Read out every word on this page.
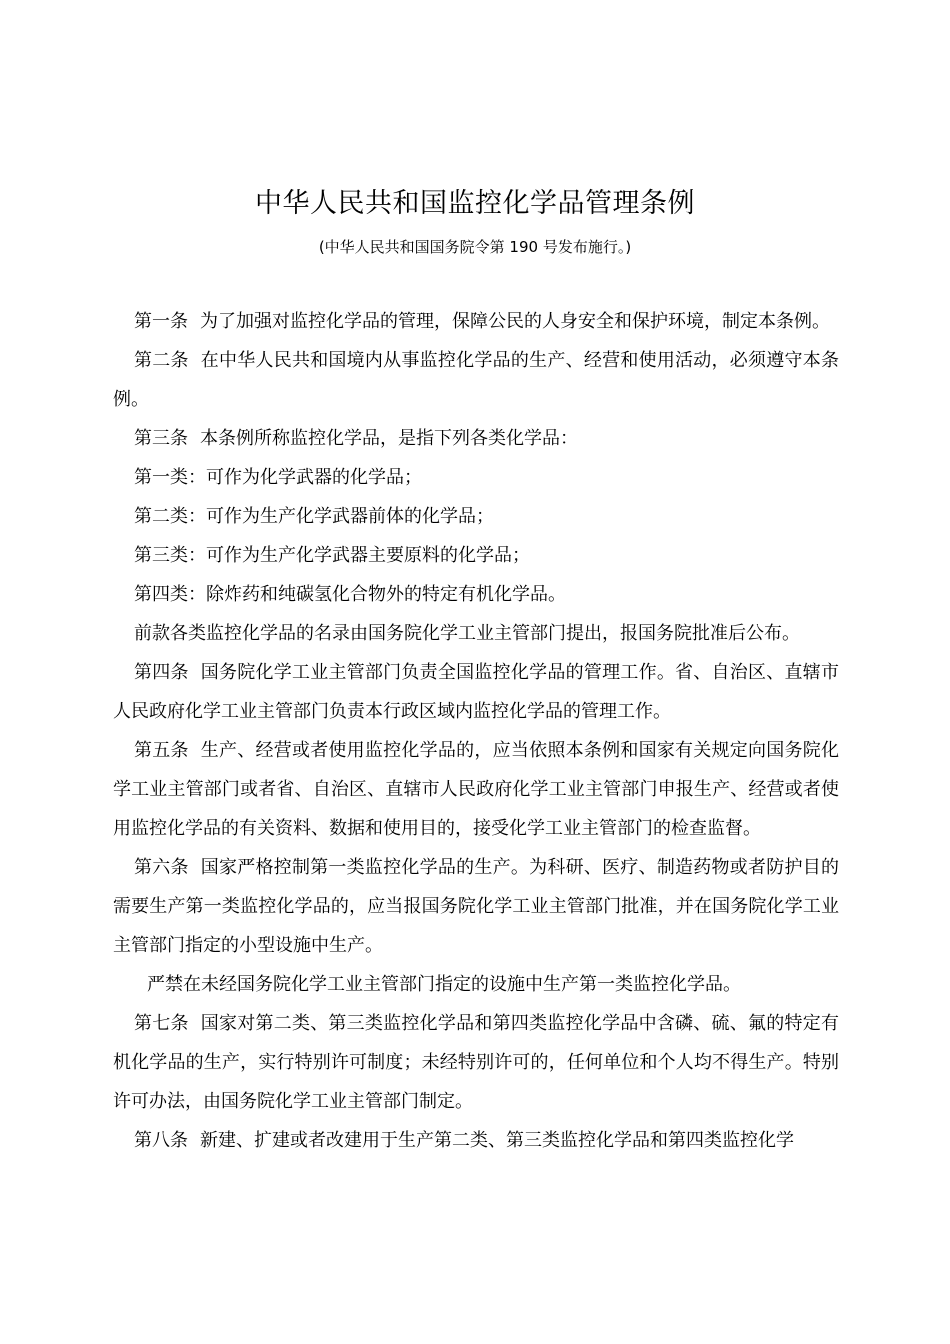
中华人民共和国监控化学品管理条例

(中华人民共和国国务院令第 190 号发布施行。)

第一条 为了加强对监控化学品的管理，保障公民的人身安全和保护环境，制定本条例。

第二条 在中华人民共和国境内从事监控化学品的生产、经营和使用活动，必须遵守本条例。

第三条 本条例所称监控化学品，是指下列各类化学品：

第一类：可作为化学武器的化学品；

第二类：可作为生产化学武器前体的化学品；

第三类：可作为生产化学武器主要原料的化学品；

第四类：除炸药和纯碳氢化合物外的特定有机化学品。

前款各类监控化学品的名录由国务院化学工业主管部门提出，报国务院批准后公布。

第四条 国务院化学工业主管部门负责全国监控化学品的管理工作。省、自治区、直辖市人民政府化学工业主管部门负责本行政区域内监控化学品的管理工作。

第五条 生产、经营或者使用监控化学品的，应当依照本条例和国家有关规定向国务院化学工业主管部门或者省、自治区、直辖市人民政府化学工业主管部门申报生产、经营或者使用监控化学品的有关资料、数据和使用目的，接受化学工业主管部门的检查监督。

第六条 国家严格控制第一类监控化学品的生产。为科研、医疗、制造药物或者防护目的需要生产第一类监控化学品的，应当报国务院化学工业主管部门批准，并在国务院化学工业主管部门指定的小型设施中生产。

严禁在未经国务院化学工业主管部门指定的设施中生产第一类监控化学品。

第七条 国家对第二类、第三类监控化学品和第四类监控化学品中含磷、硫、氟的特定有机化学品的生产，实行特别许可制度；未经特别许可的，任何单位和个人均不得生产。特别许可办法，由国务院化学工业主管部门制定。

第八条 新建、扩建或者改建用于生产第二类、第三类监控化学品和第四类监控化学
